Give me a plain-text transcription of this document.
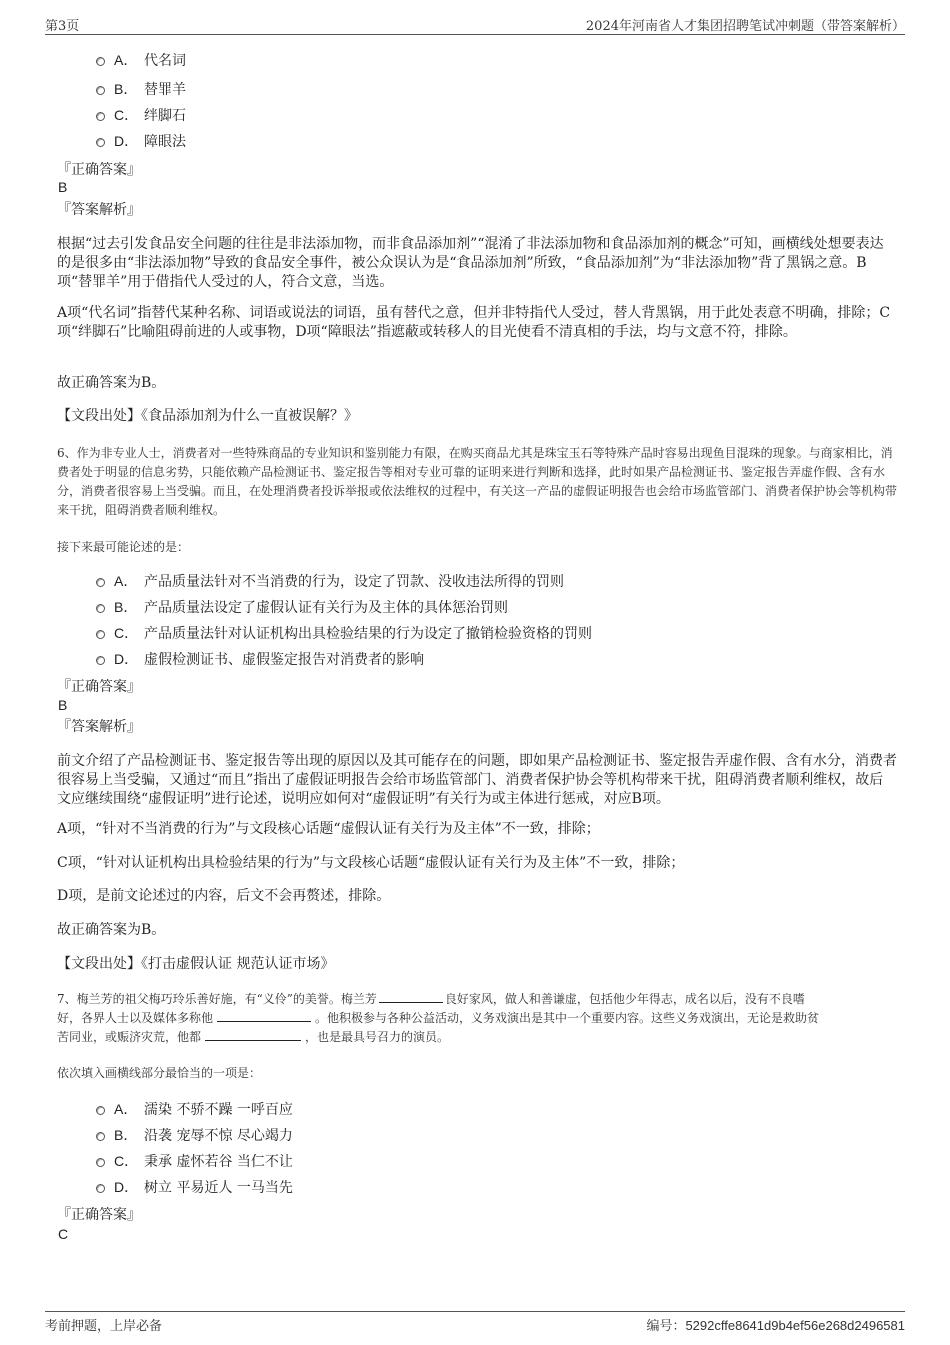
第3页	2024年河南省人才集团招聘笔试冲刺题（带答案解析）
A． 代名词
B． 替罪羊
C． 绊脚石
D． 障眼法
『正确答案』
B
『答案解析』
根据“过去引发食品安全问题的往往是非法添加物，而非食品添加剂”“混淆了非法添加物和食品添加剂的概念”可知，画横线处想要表达的是很多由“非法添加物”导致的食品安全事件，被公众误认为是“食品添加剂”所致，“食品添加剂”为“非法添加物”背了黑锅之意。B项“替罪羊”用于借指代人受过的人，符合文意，当选。
A项“代名词”指替代某种名称、词语或说法的词语，虽有替代之意，但并非特指代人受过，替人背黑锅，用于此处表意不明确，排除；C项“绊脚石”比喻阻碍前进的人或事物，D项“障眼法”指遮蔽或转移人的目光使看不清真相的手法，均与文意不符，排除。
故正确答案为B。
【文段出处】《食品添加剂为什么一直被误解？》
6、作为非专业人士，消费者对一些特殊商品的专业知识和鉴别能力有限，在购买商品尤其是珠宝玉石等特殊产品时容易出现鱼目混珠的现象。与商家相比，消费者处于明显的信息劣势，只能依赖产品检测证书、鉴定报告等相对专业可靠的证明来进行判断和选择，此时如果产品检测证书、鉴定报告弄虚作假、含有水分，消费者很容易上当受骗。而且，在处理消费者投诉举报或依法维权的过程中，有关这一产品的虚假证明报告也会给市场监管部门、消费者保护协会等机构带来干扰，阻碍消费者顺利维权。
接下来最可能论述的是：
A． 产品质量法针对不当消费的行为，设定了罚款、没收违法所得的罚则
B． 产品质量法设定了虚假认证有关行为及主体的具体惩治罚则
C． 产品质量法针对认证机构出具检验结果的行为设定了撤销检验资格的罚则
D． 虚假检测证书、虚假鉴定报告对消费者的影响
『正确答案』
B
『答案解析』
前文介绍了产品检测证书、鉴定报告等出现的原因以及其可能存在的问题，即如果产品检测证书、鉴定报告弄虚作假、含有水分，消费者很容易上当受骗，又通过“而且”指出了虚假证明报告会给市场监管部门、消费者保护协会等机构带来干扰，阻碍消费者顺利维权，故后文应继续围绕“虚假证明”进行论述，说明应如何对“虚假证明”有关行为或主体进行惩戒，对应B项。
A项，“针对不当消费的行为”与文段核心话题“虚假认证有关行为及主体”不一致，排除；
C项，“针对认证机构出具检验结果的行为”与文段核心话题“虚假认证有关行为及主体”不一致，排除；
D项，是前文论述过的内容，后文不会再赘述，排除。
故正确答案为B。
【文段出处】《打击虚假认证 规范认证市场》
7、梅兰芳的祖父梅巧玲乐善好施，有“义伶”的美誉。梅兰芳	良好家风，做人和善谦虚，包括他少年得志，成名以后，没有不良嗜
好，各界人士以及媒体多称他	。他积极参与各种公益活动，义务戏演出是其中一个重要内容。这些义务戏演出，无论是救助贫
苦同业，或赈济灾荒，他都	，也是最具号召力的演员。
依次填入画横线部分最恰当的一项是：
A． 濡染 不骄不躁 一呼百应
B． 沿袭 宠辱不惊 尽心竭力
C． 秉承 虚怀若谷 当仁不让
D． 树立 平易近人 一马当先
『正确答案』
C
考前押题，上岸必备	编号：5292cffe8641d9b4ef56e268d2496581
